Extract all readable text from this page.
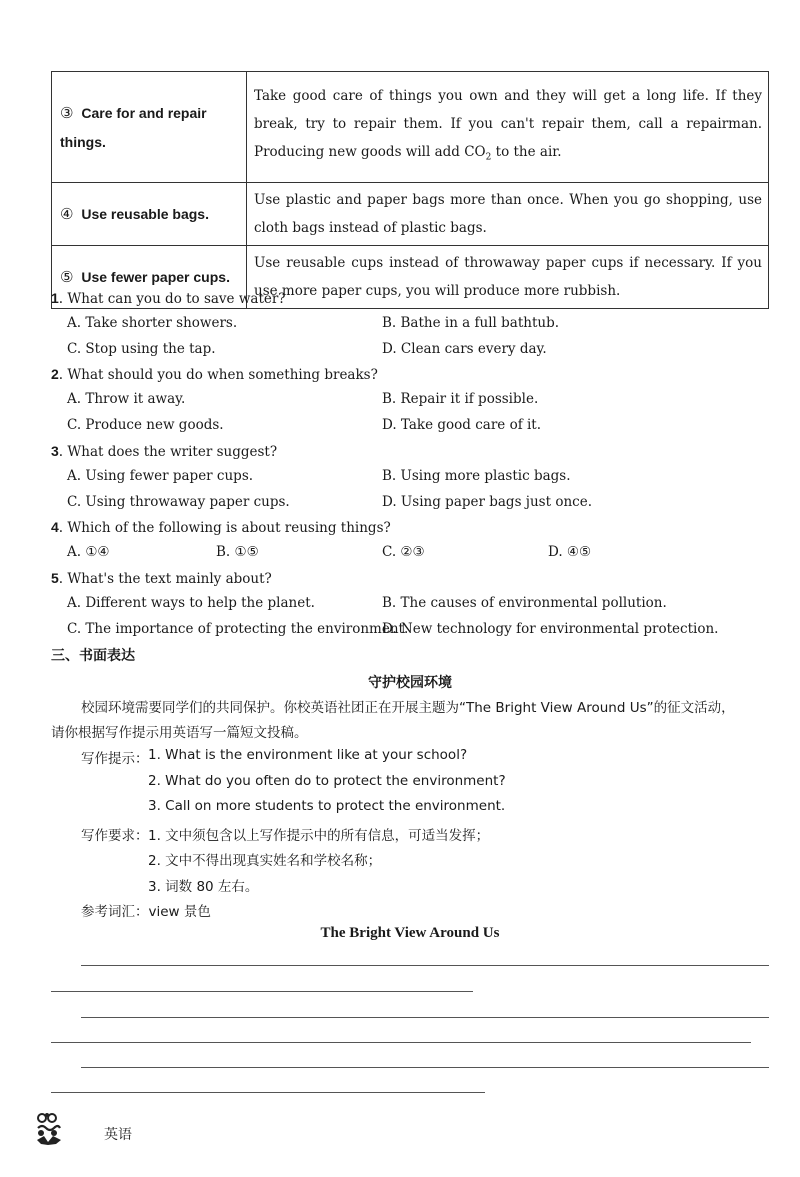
③ Care for and repair things.	Take good care of things you own and they will get a long life. If they break, try to repair them. If you can't repair them, call a repairman. Producing new goods will add $CO_2$ to the air.
④ Use reusable bags.	Use plastic and paper bags more than once. When you go shopping, use cloth bags instead of plastic bags.
⑤ Use fewer paper cups.	Use reusable cups instead of throwaway paper cups if necessary. If you use more paper cups, you will produce more rubbish.
1. What can you do to save water?
A. Take shorter showers.	B. Bathe in a full bathtub.
C. Stop using the tap.	D. Clean cars every day.
2. What should you do when something breaks?
A. Throw it away.	B. Repair it if possible.
C. Produce new goods.	D. Take good care of it.
3. What does the writer suggest?
A. Using fewer paper cups.	B. Using more plastic bags.
C. Using throwaway paper cups.	D. Using paper bags just once.
4. Which of the following is about reusing things?
A. ①④	B. ①⑤	C. ②③	D. ④⑤
5. What's the text mainly about?
A. Different ways to help the planet.	B. The causes of environmental pollution.
C. The importance of protecting the environment.
D. New technology for environmental protection.
三、书面表达
守护校园环境
校园环境需要同学们的共同保护。你校英语社团正在开展主题为“The Bright View Around Us”的征文活动，
请你根据写作提示用英语写一篇短文投稿。
写作提示： 1. What is the environment like at your school?
2. What do you often do to protect the environment?
3. Call on more students to protect the environment.
写作要求： 1. 文中须包含以上写作提示中的所有信息，可适当发挥；
2. 文中不得出现真实姓名和学校名称；
3. 词数 80 左右。
参考词汇：view 景色
The Bright View Around Us
英语
